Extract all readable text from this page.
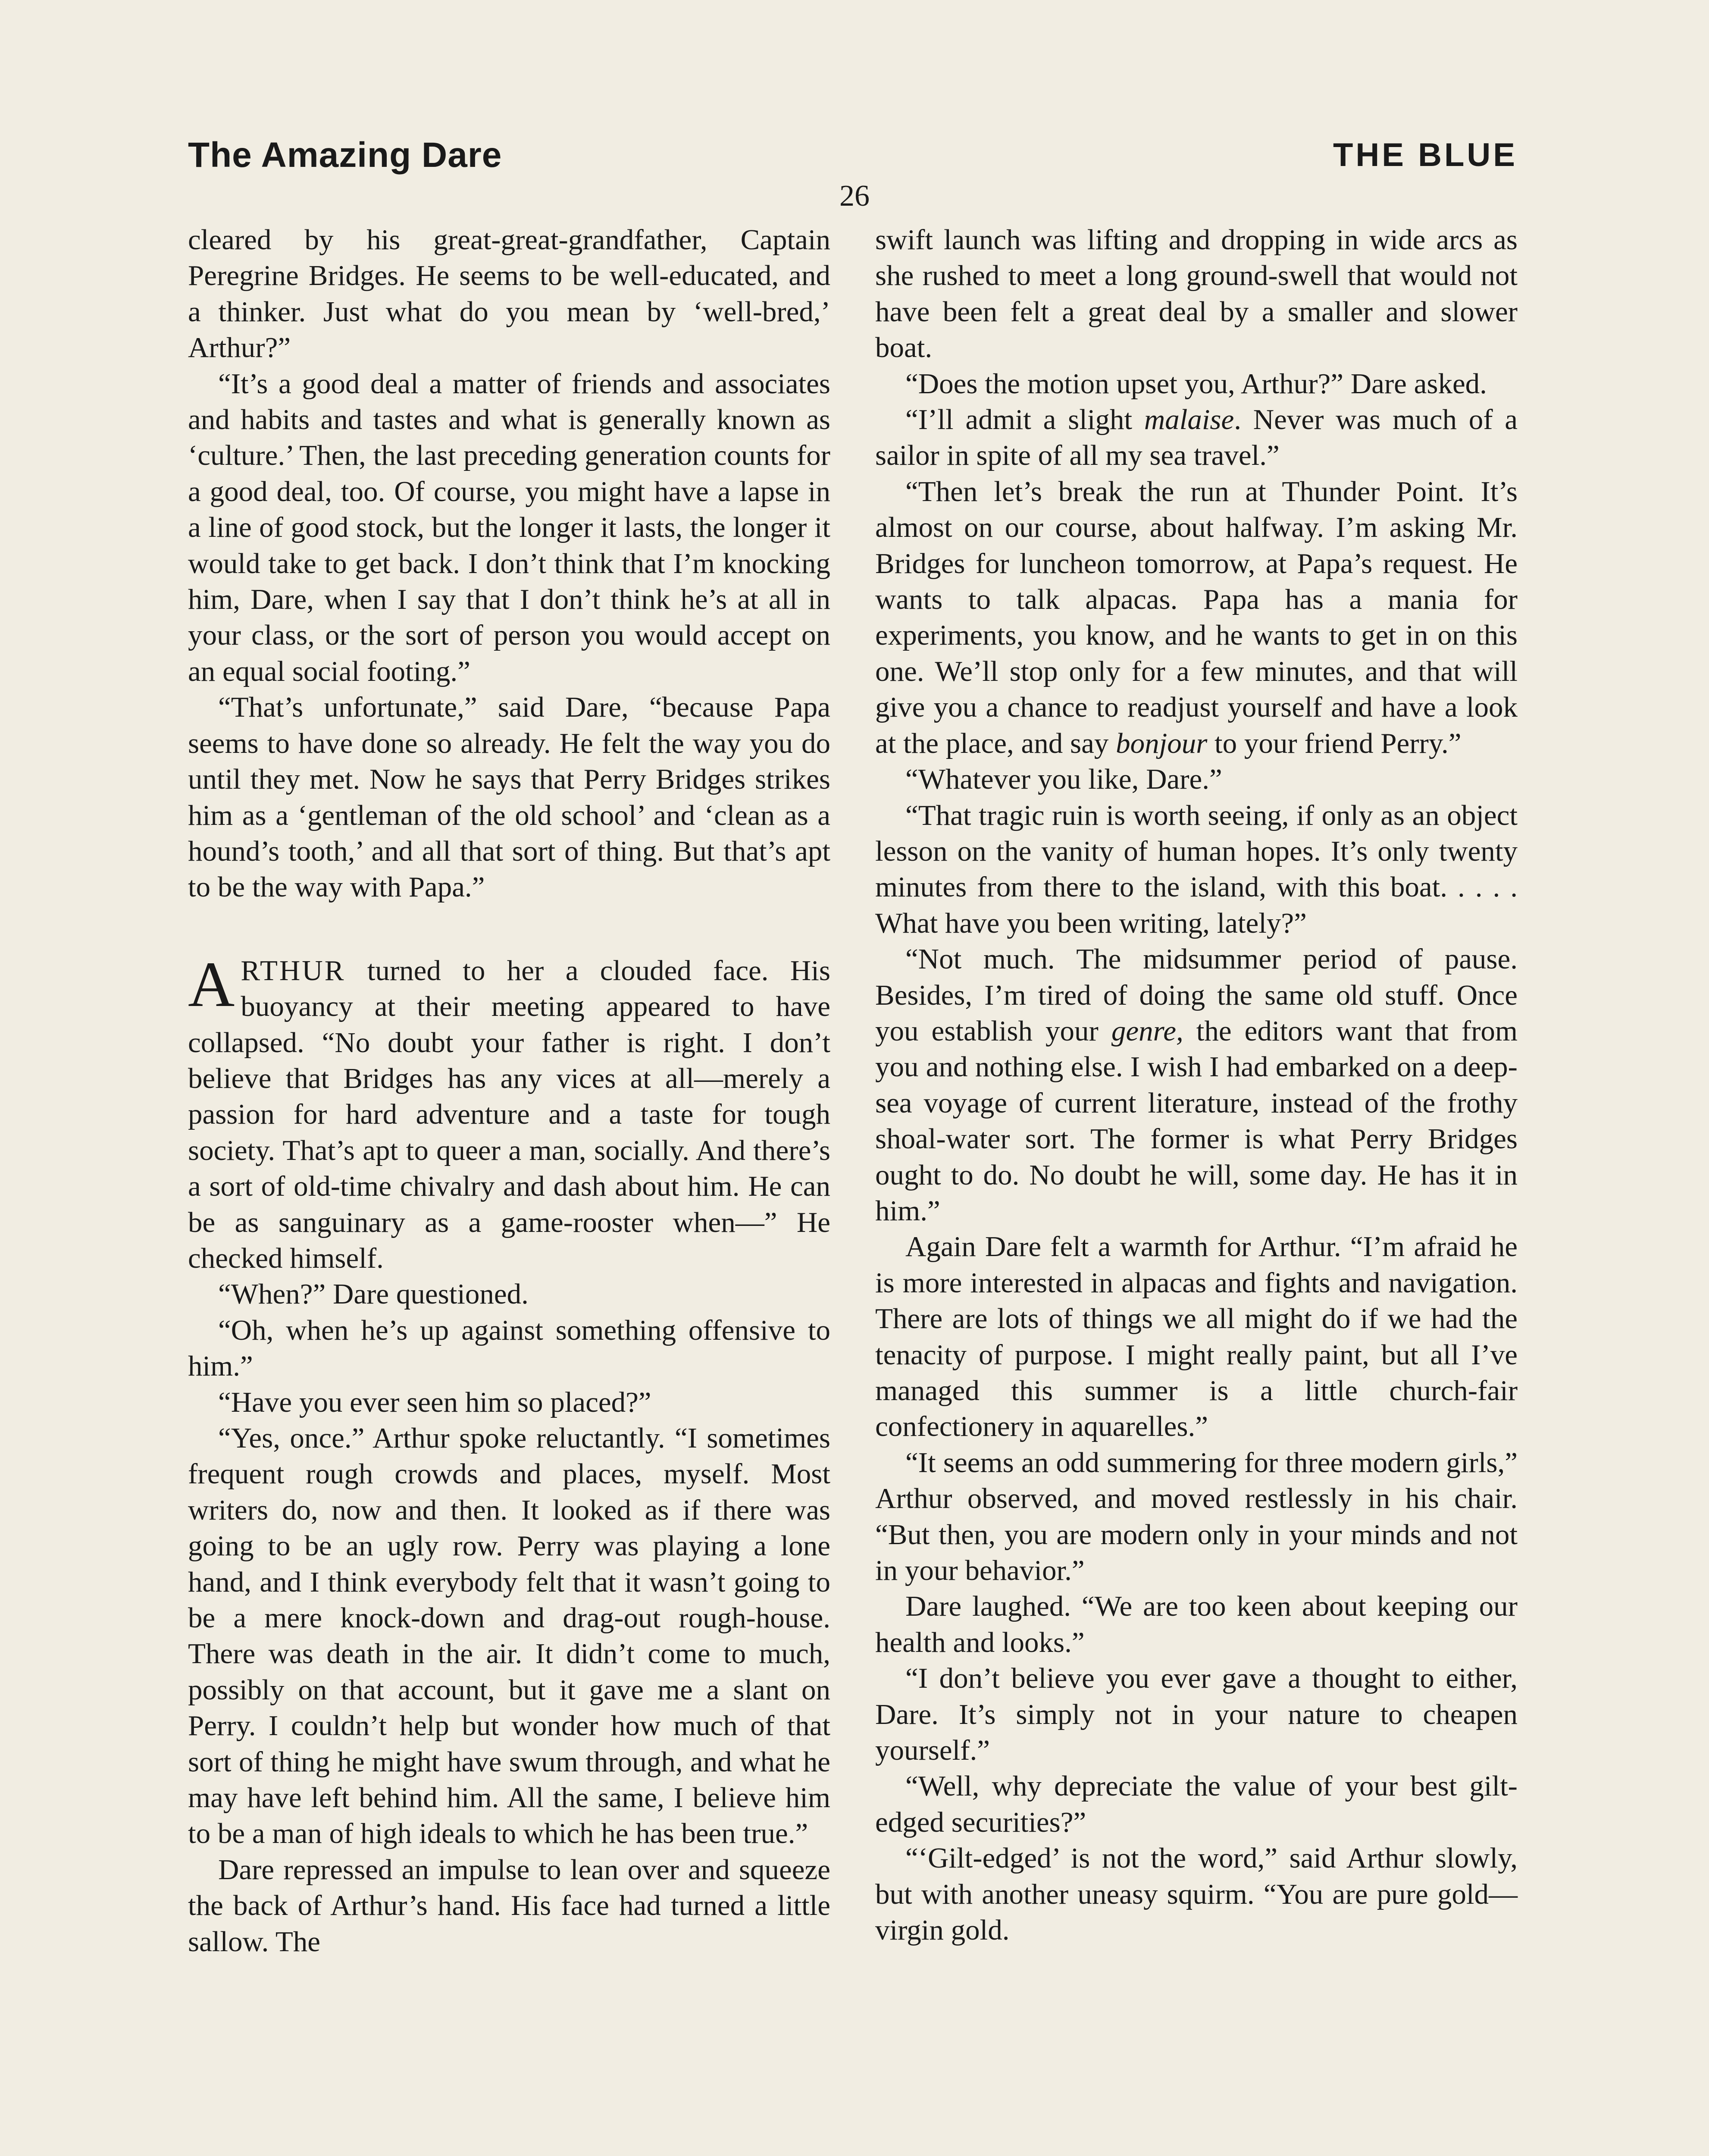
The Amazing Dare	THE BLUE
26

cleared by his great-great-grandfather, Captain Peregrine Bridges. He seems to be well-educated, and a thinker. Just what do you mean by ‘well-bred,’ Arthur?”

“It’s a good deal a matter of friends and associates and habits and tastes and what is generally known as ‘culture.’ Then, the last preceding generation counts for a good deal, too. Of course, you might have a lapse in a line of good stock, but the longer it lasts, the longer it would take to get back. I don’t think that I’m knocking him, Dare, when I say that I don’t think he’s at all in your class, or the sort of person you would accept on an equal social footing.”

“That’s unfortunate,” said Dare, “because Papa seems to have done so already. He felt the way you do until they met. Now he says that Perry Bridges strikes him as a ‘gentleman of the old school’ and ‘clean as a hound’s tooth,’ and all that sort of thing. But that’s apt to be the way with Papa.”

ARTHUR turned to her a clouded face. His buoyancy at their meeting appeared to have collapsed. “No doubt your father is right. I don’t believe that Bridges has any vices at all—merely a passion for hard adventure and a taste for tough society. That’s apt to queer a man, socially. And there’s a sort of old-time chivalry and dash about him. He can be as sanguinary as a game-rooster when—” He checked himself.

“When?” Dare questioned.

“Oh, when he’s up against something offensive to him.”

“Have you ever seen him so placed?”

“Yes, once.” Arthur spoke reluctantly. “I sometimes frequent rough crowds and places, myself. Most writers do, now and then. It looked as if there was going to be an ugly row. Perry was playing a lone hand, and I think everybody felt that it wasn’t going to be a mere knock-down and drag-out rough-house. There was death in the air. It didn’t come to much, possibly on that account, but it gave me a slant on Perry. I couldn’t help but wonder how much of that sort of thing he might have swum through, and what he may have left behind him. All the same, I believe him to be a man of high ideals to which he has been true.”

Dare repressed an impulse to lean over and squeeze the back of Arthur’s hand. His face had turned a little sallow. The

swift launch was lifting and dropping in wide arcs as she rushed to meet a long ground-swell that would not have been felt a great deal by a smaller and slower boat.

“Does the motion upset you, Arthur?” Dare asked.

“I’ll admit a slight malaise. Never was much of a sailor in spite of all my sea travel.”

“Then let’s break the run at Thunder Point. It’s almost on our course, about halfway. I’m asking Mr. Bridges for luncheon tomorrow, at Papa’s request. He wants to talk alpacas. Papa has a mania for experiments, you know, and he wants to get in on this one. We’ll stop only for a few minutes, and that will give you a chance to readjust yourself and have a look at the place, and say bonjour to your friend Perry.”

“Whatever you like, Dare.”

“That tragic ruin is worth seeing, if only as an object lesson on the vanity of human hopes. It’s only twenty minutes from there to the island, with this boat. . . . . What have you been writing, lately?”

“Not much. The midsummer period of pause. Besides, I’m tired of doing the same old stuff. Once you establish your genre, the editors want that from you and nothing else. I wish I had embarked on a deep-sea voyage of current literature, instead of the frothy shoal-water sort. The former is what Perry Bridges ought to do. No doubt he will, some day. He has it in him.”

Again Dare felt a warmth for Arthur. “I’m afraid he is more interested in alpacas and fights and navigation. There are lots of things we all might do if we had the tenacity of purpose. I might really paint, but all I’ve managed this summer is a little church-fair confectionery in aquarelles.”

“It seems an odd summering for three modern girls,” Arthur observed, and moved restlessly in his chair. “But then, you are modern only in your minds and not in your behavior.”

Dare laughed. “We are too keen about keeping our health and looks.”

“I don’t believe you ever gave a thought to either, Dare. It’s simply not in your nature to cheapen yourself.”

“Well, why depreciate the value of your best gilt-edged securities?”

“‘Gilt-edged’ is not the word,” said Arthur slowly, but with another uneasy squirm. “You are pure gold—virgin gold.
